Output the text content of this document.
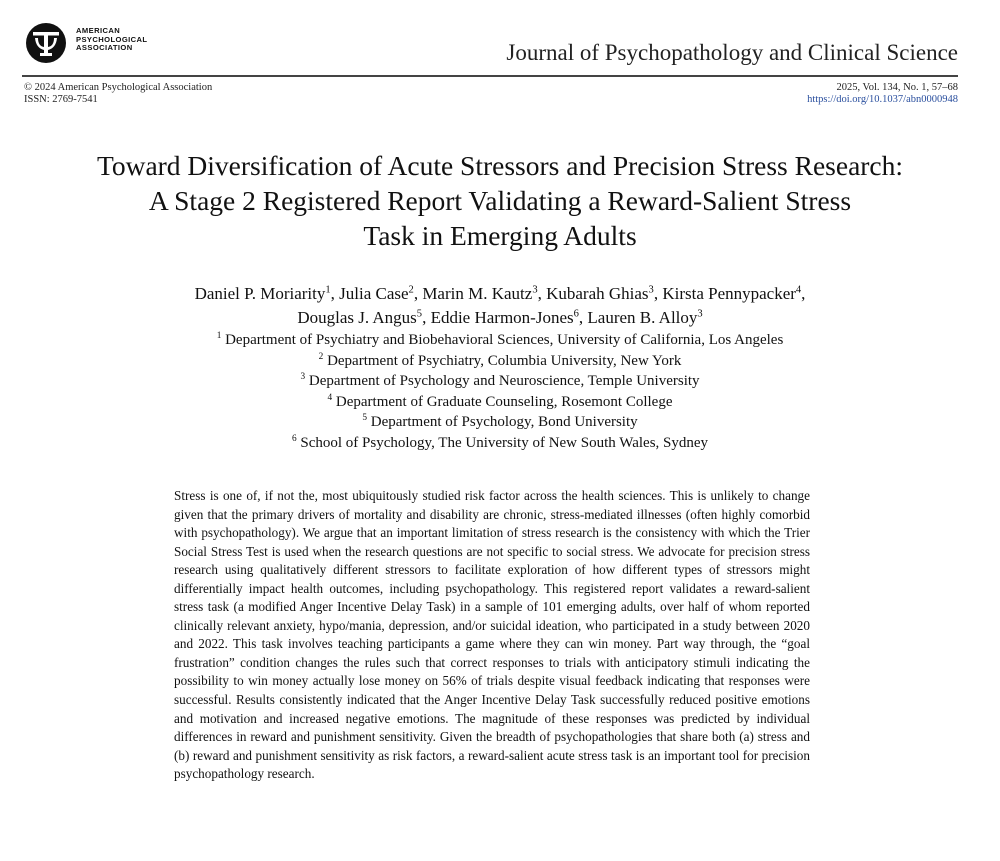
AMERICAN
PSYCHOLOGICAL
ASSOCIATION	Journal of Psychopathology and Clinical Science
© 2024 American Psychological Association
ISSN: 2769-7541
2025, Vol. 134, No. 1, 57–68
https://doi.org/10.1037/abn0000948
Toward Diversification of Acute Stressors and Precision Stress Research:
A Stage 2 Registered Report Validating a Reward-Salient Stress
Task in Emerging Adults
Daniel P. Moriarity$^1$, Julia Case$^2$, Marin M. Kautz$^3$, Kubarah Ghias$^3$, Kirsta Pennypacker$^4$,
Douglas J. Angus$^5$, Eddie Harmon-Jones$^6$, Lauren B. Alloy$^3$
$^1$ Department of Psychiatry and Biobehavioral Sciences, University of California, Los Angeles
$^2$ Department of Psychiatry, Columbia University, New York
$^3$ Department of Psychology and Neuroscience, Temple University
$^4$ Department of Graduate Counseling, Rosemont College
$^5$ Department of Psychology, Bond University
$^6$ School of Psychology, The University of New South Wales, Sydney
Stress is one of, if not the, most ubiquitously studied risk factor across the health sciences. This is unlikely to change given that the primary drivers of mortality and disability are chronic, stress-mediated illnesses (often highly comorbid with psychopathology). We argue that an important limitation of stress research is the consistency with which the Trier Social Stress Test is used when the research questions are not specific to social stress. We advocate for precision stress research using qualitatively different stressors to facilitate exploration of how different types of stressors might differentially impact health outcomes, including psychopathology. This registered report validates a reward-salient stress task (a modified Anger Incentive Delay Task) in a sample of 101 emerging adults, over half of whom reported clinically relevant anxiety, hypo/mania, depression, and/or suicidal ideation, who participated in a study between 2020 and 2022. This task involves teaching participants a game where they can win money. Part way through, the “goal frustration” condition changes the rules such that correct responses to trials with anticipatory stimuli indicating the possibility to win money actually lose money on 56% of trials despite visual feedback indicating that responses were successful. Results consistently indicated that the Anger Incentive Delay Task successfully reduced positive emotions and motivation and increased negative emotions. The magnitude of these responses was predicted by individual differences in reward and punishment sensitivity. Given the breadth of psychopathologies that share both (a) stress and (b) reward and punishment sensitivity as risk factors, a reward-salient acute stress task is an important tool for precision psychopathology research.
